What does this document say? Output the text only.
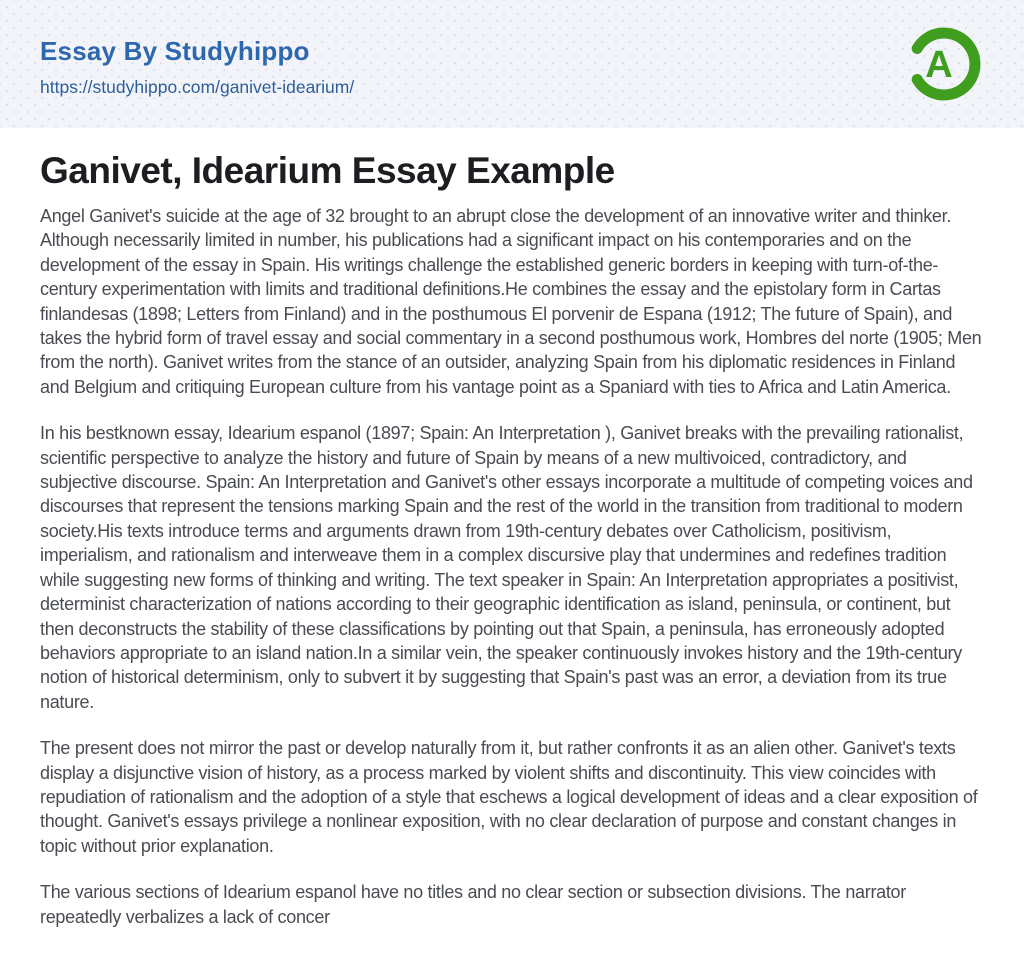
Essay By Studyhippo
https://studyhippo.com/ganivet-idearium/
A
Ganivet, Idearium Essay Example

Angel Ganivet's suicide at the age of 32 brought to an abrupt close the development of an innovative writer and thinker. Although necessarily limited in number, his publications had a significant impact on his contemporaries and on the development of the essay in Spain. His writings challenge the established generic borders in keeping with turn-of-the-century experimentation with limits and traditional definitions.He combines the essay and the epistolary form in Cartas finlandesas (1898; Letters from Finland) and in the posthumous El porvenir de Espana (1912; The future of Spain), and takes the hybrid form of travel essay and social commentary in a second posthumous work, Hombres del norte (1905; Men from the north). Ganivet writes from the stance of an outsider, analyzing Spain from his diplomatic residences in Finland and Belgium and critiquing European culture from his vantage point as a Spaniard with ties to Africa and Latin America.

In his bestknown essay, Idearium espanol (1897; Spain: An Interpretation ), Ganivet breaks with the prevailing rationalist, scientific perspective to analyze the history and future of Spain by means of a new multivoiced, contradictory, and subjective discourse. Spain: An Interpretation and Ganivet's other essays incorporate a multitude of competing voices and discourses that represent the tensions marking Spain and the rest of the world in the transition from traditional to modern society.His texts introduce terms and arguments drawn from 19th-century debates over Catholicism, positivism, imperialism, and rationalism and interweave them in a complex discursive play that undermines and redefines tradition while suggesting new forms of thinking and writing. The text speaker in Spain: An Interpretation appropriates a positivist, determinist characterization of nations according to their geographic identification as island, peninsula, or continent, but then deconstructs the stability of these classifications by pointing out that Spain, a peninsula, has erroneously adopted behaviors appropriate to an island nation.In a similar vein, the speaker continuously invokes history and the 19th-century notion of historical determinism, only to subvert it by suggesting that Spain's past was an error, a deviation from its true nature.

The present does not mirror the past or develop naturally from it, but rather confronts it as an alien other. Ganivet's texts display a disjunctive vision of history, as a process marked by violent shifts and discontinuity. This view coincides with repudiation of rationalism and the adoption of a style that eschews a logical development of ideas and a clear exposition of thought. Ganivet's essays privilege a nonlinear exposition, with no clear declaration of purpose and constant changes in topic without prior explanation.

The various sections of Idearium espanol have no titles and no clear section or subsection divisions. The narrator repeatedly verbalizes a lack of concer
